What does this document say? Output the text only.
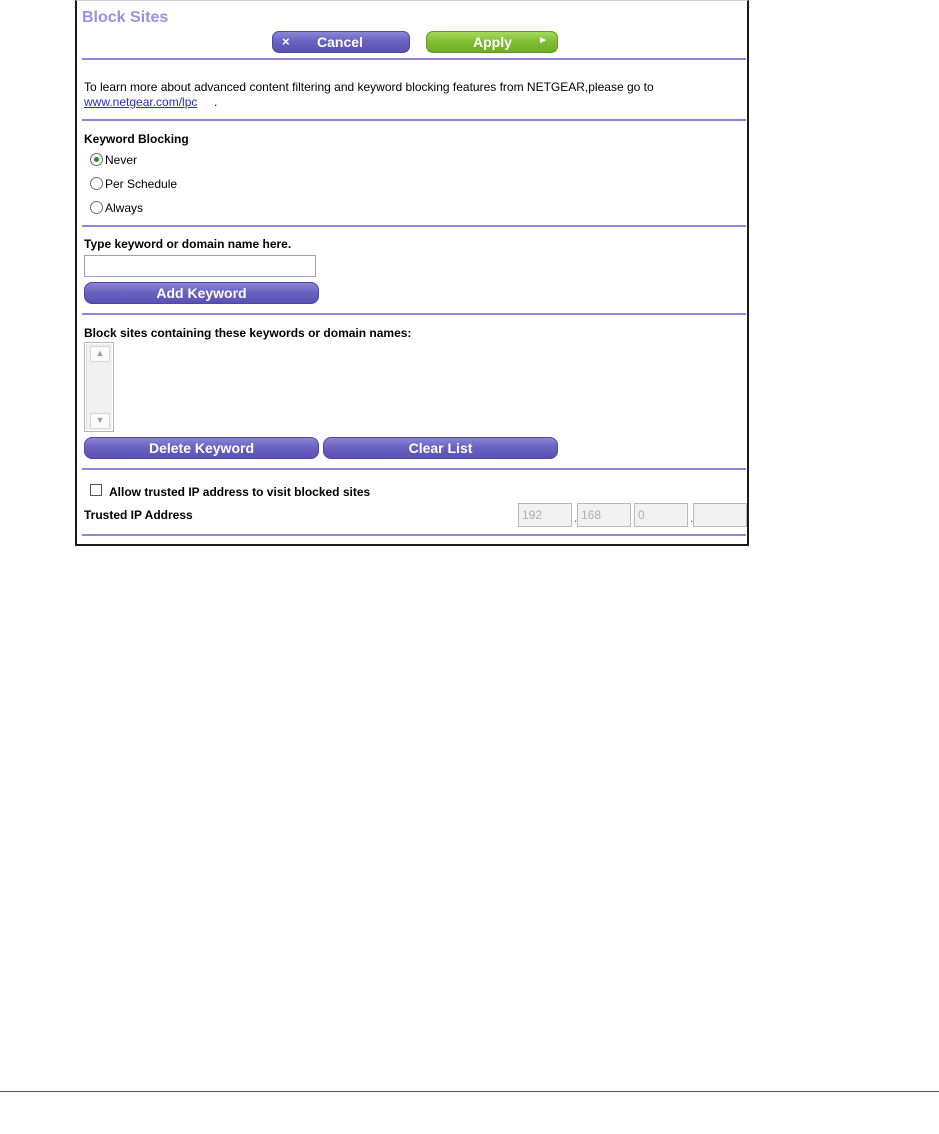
Block Sites
× Cancel	Apply	►
To learn more about advanced content filtering and keyword blocking features from NETGEAR,please go to
www.netgear.com/lpc .
Keyword Blocking
Never
Per Schedule
Always
Type keyword or domain name here.
Add Keyword
Block sites containing these keywords or domain names:
▲
▼
Delete Keyword	Clear List
Allow trusted IP address to visit blocked sites
Trusted IP Address
192	.
168
0	.
